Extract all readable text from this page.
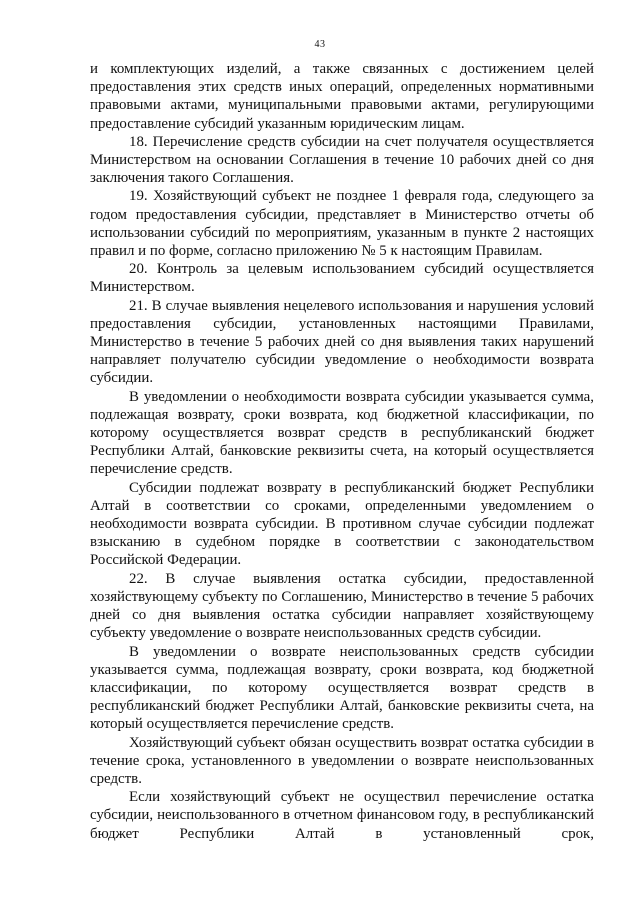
43

и комплектующих изделий, а также связанных с достижением целей предоставления этих средств иных операций, определенных нормативными правовыми актами, муниципальными правовыми актами, регулирующими предоставление субсидий указанным юридическим лицам.

18. Перечисление средств субсидии на счет получателя осуществляется Министерством на основании Соглашения в течение 10 рабочих дней со дня заключения такого Соглашения.

19. Хозяйствующий субъект не позднее 1 февраля года, следующего за годом предоставления субсидии, представляет в Министерство отчеты об использовании субсидий по мероприятиям, указанным в пункте 2 настоящих правил и по форме, согласно приложению № 5 к настоящим Правилам.

20. Контроль за целевым использованием субсидий осуществляется Министерством.

21. В случае выявления нецелевого использования и нарушения условий предоставления субсидии, установленных настоящими Правилами, Министерство в течение 5 рабочих дней со дня выявления таких нарушений направляет получателю субсидии уведомление о необходимости возврата субсидии.

В уведомлении о необходимости возврата субсидии указывается сумма, подлежащая возврату, сроки возврата, код бюджетной классификации, по которому осуществляется возврат средств в республиканский бюджет Республики Алтай, банковские реквизиты счета, на который осуществляется перечисление средств.

Субсидии подлежат возврату в республиканский бюджет Республики Алтай в соответствии со сроками, определенными уведомлением о необходимости возврата субсидии. В противном случае субсидии подлежат взысканию в судебном порядке в соответствии с законодательством Российской Федерации.

22. В случае выявления остатка субсидии, предоставленной хозяйствующему субъекту по Соглашению, Министерство в течение 5 рабочих дней со дня выявления остатка субсидии направляет хозяйствующему субъекту уведомление о возврате неиспользованных средств субсидии.

В уведомлении о возврате неиспользованных средств субсидии указывается сумма, подлежащая возврату, сроки возврата, код бюджетной классификации, по которому осуществляется возврат средств в республиканский бюджет Республики Алтай, банковские реквизиты счета, на который осуществляется перечисление средств.

Хозяйствующий субъект обязан осуществить возврат остатка субсидии в течение срока, установленного в уведомлении о возврате неиспользованных средств.

Если хозяйствующий субъект не осуществил перечисление остатка субсидии, неиспользованного в отчетном финансовом году, в республиканский бюджет Республики Алтай в установленный срок,
